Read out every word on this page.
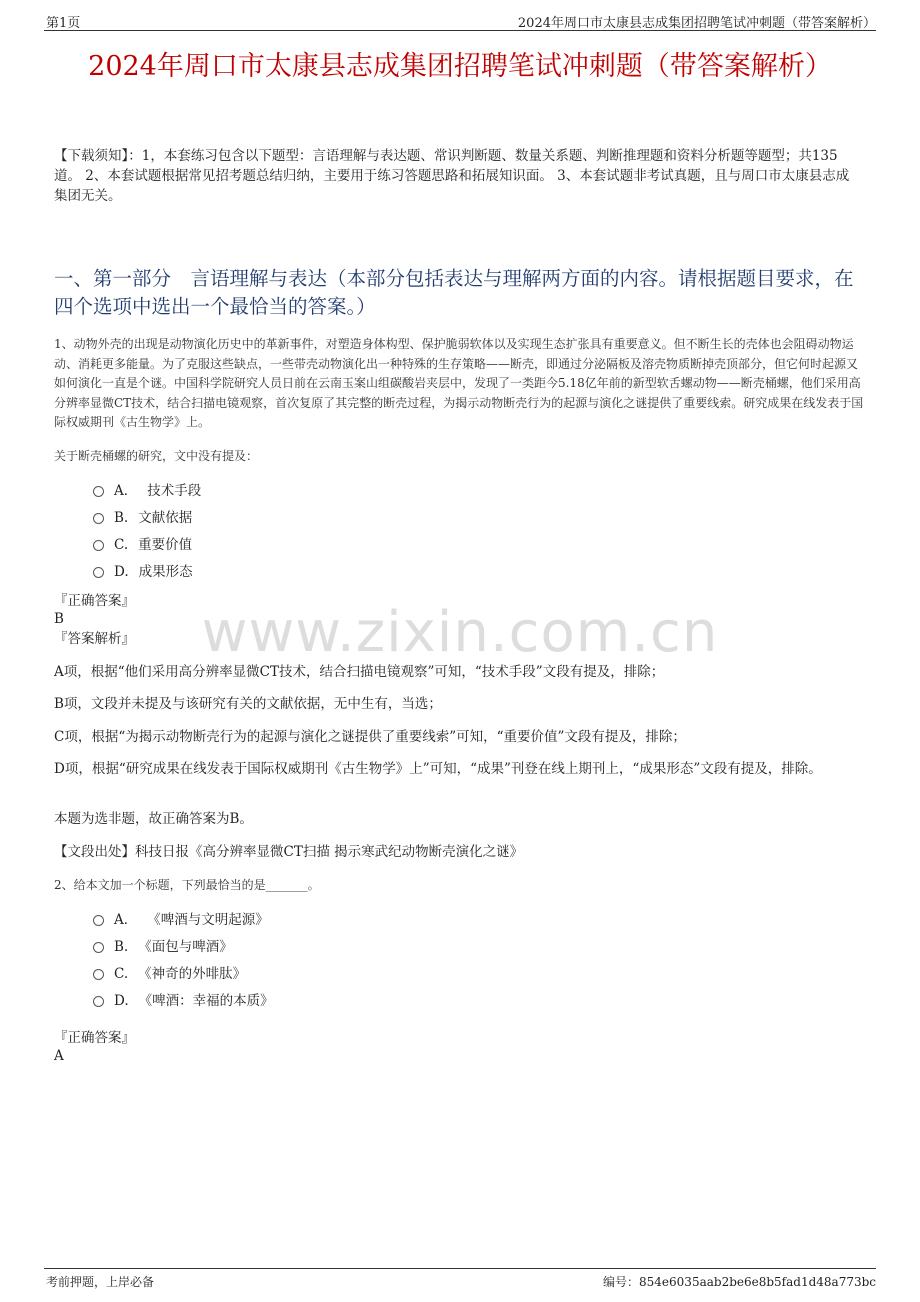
第1页	2024年周口市太康县志成集团招聘笔试冲刺题（带答案解析）
2024年周口市太康县志成集团招聘笔试冲刺题（带答案解析）
【下载须知】：1，本套练习包含以下题型：言语理解与表达题、常识判断题、数量关系题、判断推理题和资料分析题等题型；共135道。 2、本套试题根据常见招考题总结归纳，主要用于练习答题思路和拓展知识面。 3、本套试题非考试真题，且与周口市太康县志成集团无关。
一、第一部分　言语理解与表达（本部分包括表达与理解两方面的内容。请根据题目要求，在四个选项中选出一个最恰当的答案。）
1、动物外壳的出现是动物演化历史中的革新事件，对塑造身体构型、保护脆弱软体以及实现生态扩张具有重要意义。但不断生长的壳体也会阻碍动物运动、消耗更多能量。为了克服这些缺点，一些带壳动物演化出一种特殊的生存策略——断壳，即通过分泌隔板及溶壳物质断掉壳顶部分，但它何时起源又如何演化一直是个谜。中国科学院研究人员日前在云南玉案山组碳酸岩夹层中，发现了一类距今5.18亿年前的新型软舌螺动物——断壳桶螺，他们采用高分辨率显微CT技术，结合扫描电镜观察，首次复原了其完整的断壳过程，为揭示动物断壳行为的起源与演化之谜提供了重要线索。研究成果在线发表于国际权威期刊《古生物学》上。
关于断壳桶螺的研究，文中没有提及：
A． 技术手段
B. 文献依据
C. 重要价值
D. 成果形态
『正确答案』
B
『答案解析』	www.zixin.com.cn
A项，根据“他们采用高分辨率显微CT技术，结合扫描电镜观察”可知，“技术手段”文段有提及，排除；
B项，文段并未提及与该研究有关的文献依据，无中生有，当选；
C项，根据“为揭示动物断壳行为的起源与演化之谜提供了重要线索”可知，“重要价值”文段有提及，排除；
D项，根据“研究成果在线发表于国际权威期刊《古生物学》上”可知，“成果”刊登在线上期刊上，“成果形态”文段有提及，排除。
本题为选非题，故正确答案为B。
【文段出处】科技日报《高分辨率显微CT扫描 揭示寒武纪动物断壳演化之谜》
2、给本文加一个标题，下列最恰当的是_______。
A． 《啤酒与文明起源》
B. 《面包与啤酒》
C. 《神奇的外啡肽》
D. 《啤酒：幸福的本质》
『正确答案』
A
考前押题，上岸必备	编号：854e6035aab2be6e8b5fad1d48a773bc
